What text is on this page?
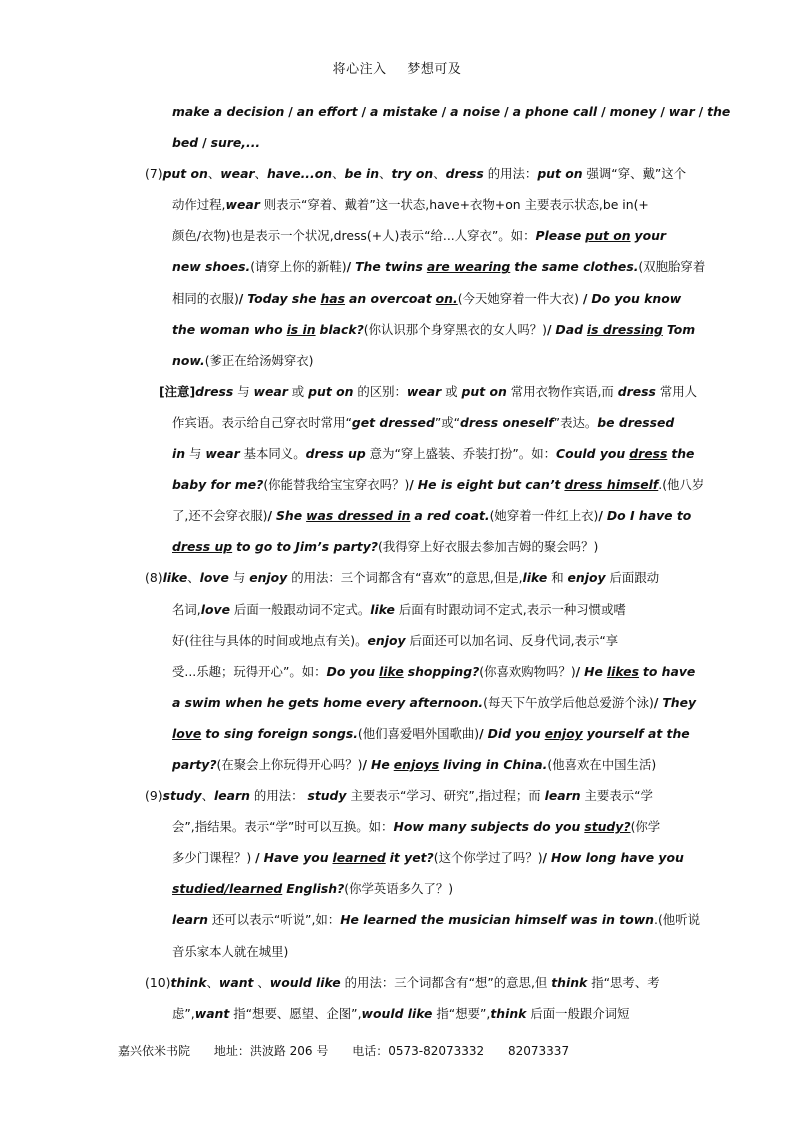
将心注入 梦想可及
make a decision / an effort / a mistake / a noise / a phone call / money / war / the
bed / sure,...
(7)put on、wear、have...on、be in、try on、dress 的用法：put on 强调“穿、戴”这个
动作过程,wear 则表示“穿着、戴着”这一状态,have+衣物+on 主要表示状态,be in(+
颜色/衣物)也是表示一个状况,dress(+人)表示“给...人穿衣”。如：Please put on your
new shoes.(请穿上你的新鞋)/ The twins are wearing the same clothes.(双胞胎穿着
相同的衣服)/ Today she has an overcoat on.(今天她穿着一件大衣) / Do you know
the woman who is in black?(你认识那个身穿黑衣的女人吗？)/ Dad is dressing Tom
now.(爹正在给汤姆穿衣)
[注意]dress 与 wear 或 put on 的区别：wear 或 put on 常用衣物作宾语,而 dress 常用人
作宾语。表示给自己穿衣时常用“get dressed”或“dress oneself”表达。be dressed
in 与 wear 基本同义。dress up 意为“穿上盛装、乔装打扮”。如：Could you dress the
baby for me?(你能替我给宝宝穿衣吗？)/ He is eight but can’t dress himself.(他八岁
了,还不会穿衣服)/ She was dressed in a red coat.(她穿着一件红上衣)/ Do I have to
dress up to go to Jim’s party?(我得穿上好衣服去参加吉姆的聚会吗？)
(8)like、love 与 enjoy 的用法：三个词都含有“喜欢”的意思,但是,like 和 enjoy 后面跟动
名词,love 后面一般跟动词不定式。like 后面有时跟动词不定式,表示一种习惯或嗜
好(往往与具体的时间或地点有关)。enjoy 后面还可以加名词、反身代词,表示“享
受...乐趣；玩得开心”。如：Do you like shopping?(你喜欢购物吗？)/ He likes to have
a swim when he gets home every afternoon.(每天下午放学后他总爱游个泳)/ They
love to sing foreign songs.(他们喜爱唱外国歌曲)/ Did you enjoy yourself at the
party?(在聚会上你玩得开心吗？)/ He enjoys living in China.(他喜欢在中国生活)
(9)study、learn 的用法： study 主要表示“学习、研究”,指过程；而 learn 主要表示“学
会”,指结果。表示“学”时可以互换。如：How many subjects do you study?(你学
多少门课程？) / Have you learned it yet?(这个你学过了吗？)/ How long have you
studied/learned English?(你学英语多久了？)
learn 还可以表示“听说”,如：He learned the musician himself was in town.(他听说
音乐家本人就在城里)
(10)think、want 、would like 的用法：三个词都含有“想”的意思,但 think 指“思考、考
虑”,want 指“想要、愿望、企图”,would like 指“想要”,think 后面一般跟介词短
嘉兴依米书院 地址：洪波路 206 号 电话：0573-82073332 82073337
